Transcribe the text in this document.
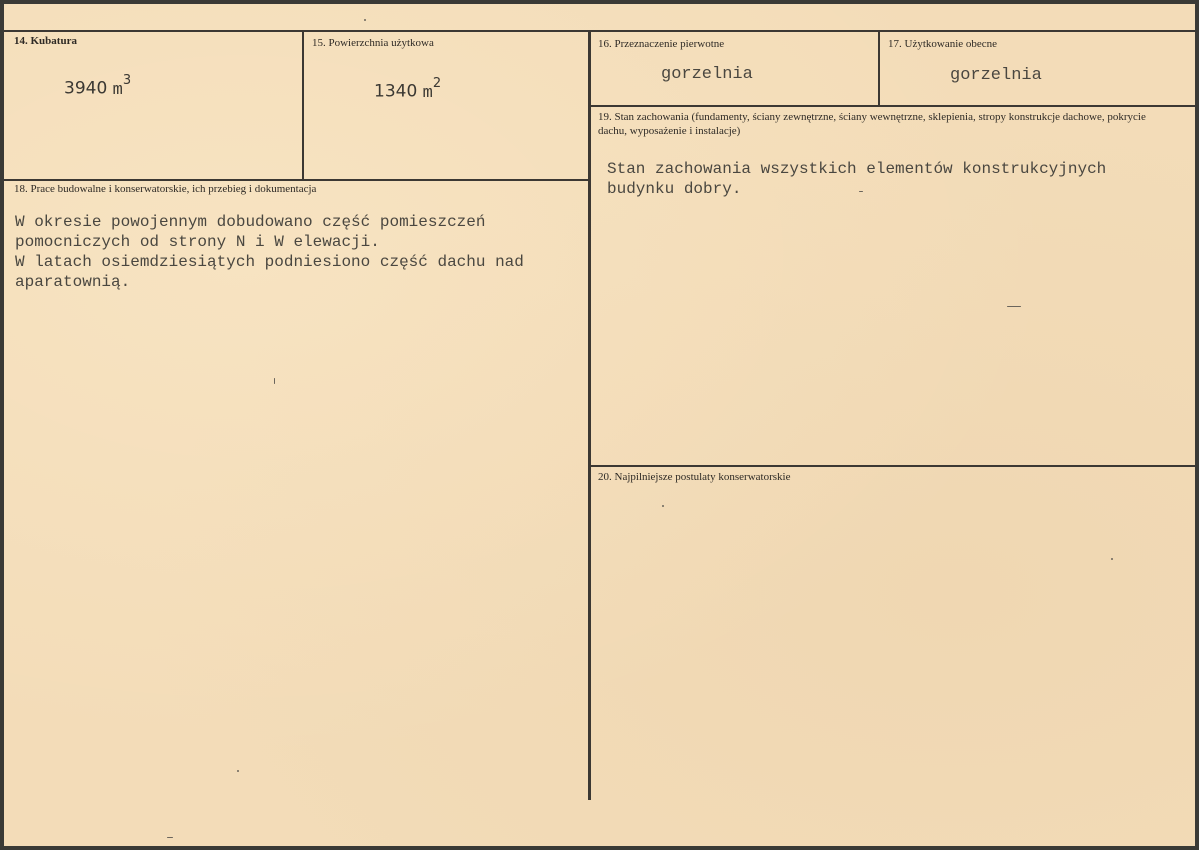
14. Kubatura
3940 $m^3$
15. Powierzchnia użytkowa
1340 $m^2$
16. Przeznaczenie pierwotne
gorzelnia
17. Użytkowanie obecne
gorzelnia
18. Prace budowalne i konserwatorskie, ich przebieg i dokumentacja
W okresie powojennym dobudowano część pomieszczeń
pomocniczych od strony N i W elewacji.
W latach osiemdziesiątych podniesiono część dachu nad
aparatownią.
19. Stan zachowania (fundamenty, ściany zewnętrzne, ściany wewnętrzne, sklepienia, stropy konstrukcje dachowe, pokrycie dachu, wyposażenie i instalacje)
Stan zachowania wszystkich elementów konstrukcyjnych
budynku dobry.
20. Najpilniejsze postulaty konserwatorskie
